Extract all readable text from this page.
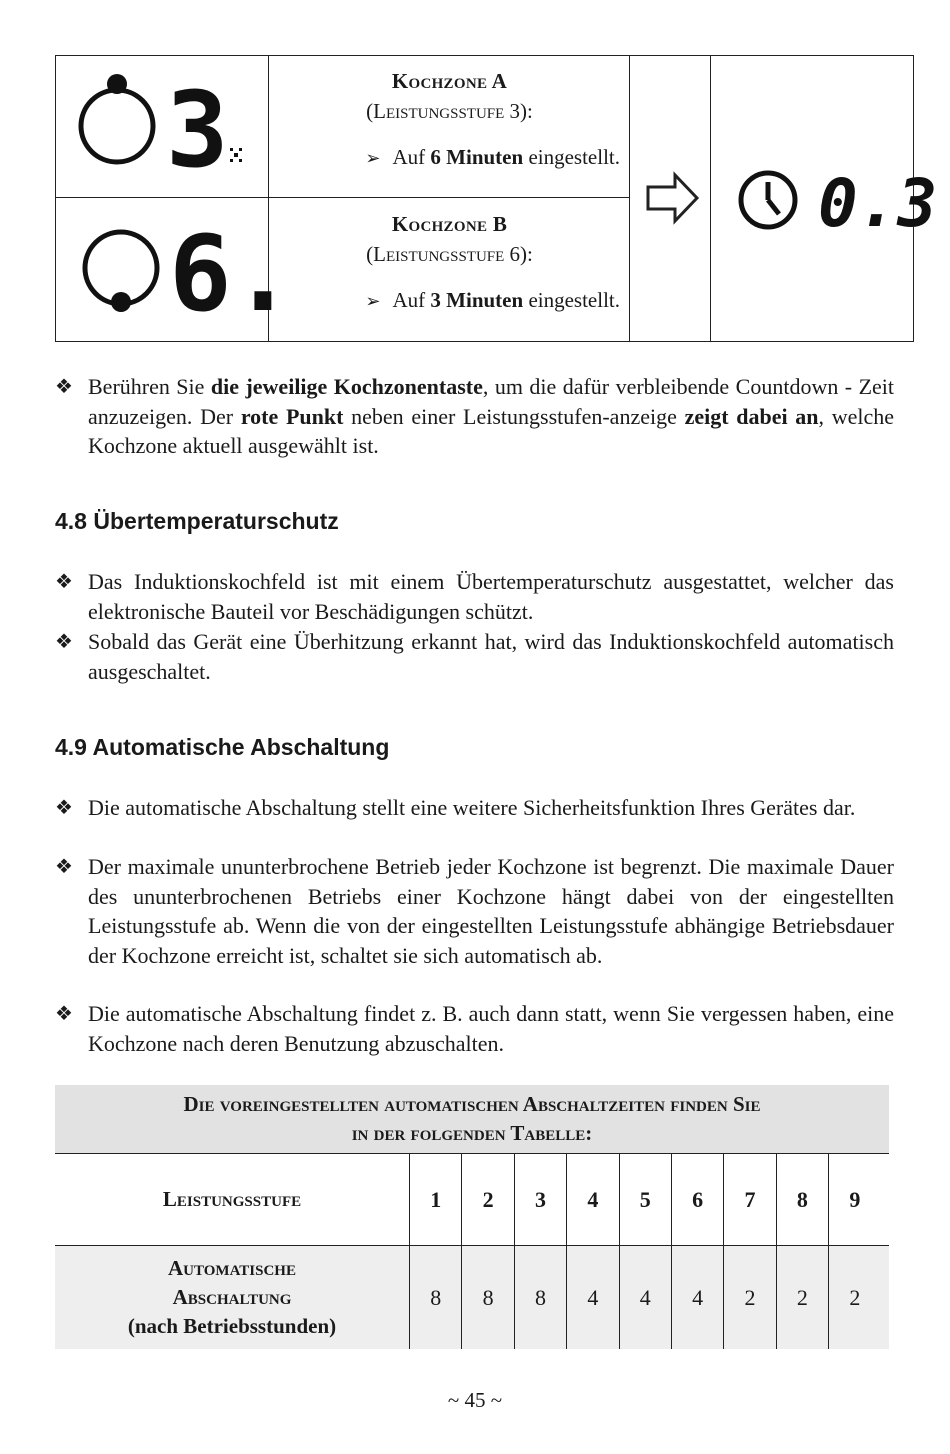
3	Kochzone A
(Leistungsstufe 3):
➢ Auf 6 Minuten eingestellt.
6.	Kochzone B
(Leistungsstufe 6):
➢ Auf 3 Minuten eingestellt.
0.3
❖ Berühren Sie die jeweilige Kochzonentaste, um die dafür verbleibende Countdown - Zeit anzuzeigen. Der rote Punkt neben einer Leistungsstufen-anzeige zeigt dabei an, welche Kochzone aktuell ausgewählt ist.
4.8 Übertemperaturschutz
❖ Das Induktionskochfeld ist mit einem Übertemperaturschutz ausgestattet, welcher das elektronische Bauteil vor Beschädigungen schützt.
❖ Sobald das Gerät eine Überhitzung erkannt hat, wird das Induktionskochfeld automatisch ausgeschaltet.
4.9 Automatische Abschaltung
❖ Die automatische Abschaltung stellt eine weitere Sicherheitsfunktion Ihres Gerätes dar.
❖ Der maximale ununterbrochene Betrieb jeder Kochzone ist begrenzt. Die maximale Dauer des ununterbrochenen Betriebs einer Kochzone hängt dabei von der eingestellten Leistungsstufe ab. Wenn die von der eingestellten Leistungsstufe abhängige Betriebsdauer der Kochzone erreicht ist, schaltet sie sich automatisch ab.
❖ Die automatische Abschaltung findet z. B. auch dann statt, wenn Sie vergessen haben, eine Kochzone nach deren Benutzung abzuschalten.
Die voreingestellten automatischen Abschaltzeiten finden Sie
in der folgenden Tabelle:
Leistungsstufe	1	2	3	4	5	6	7	8	9
Automatische
Abschaltung
(nach Betriebsstunden)
8	8	8	4	4	4	2	2	2
~ 45 ~
